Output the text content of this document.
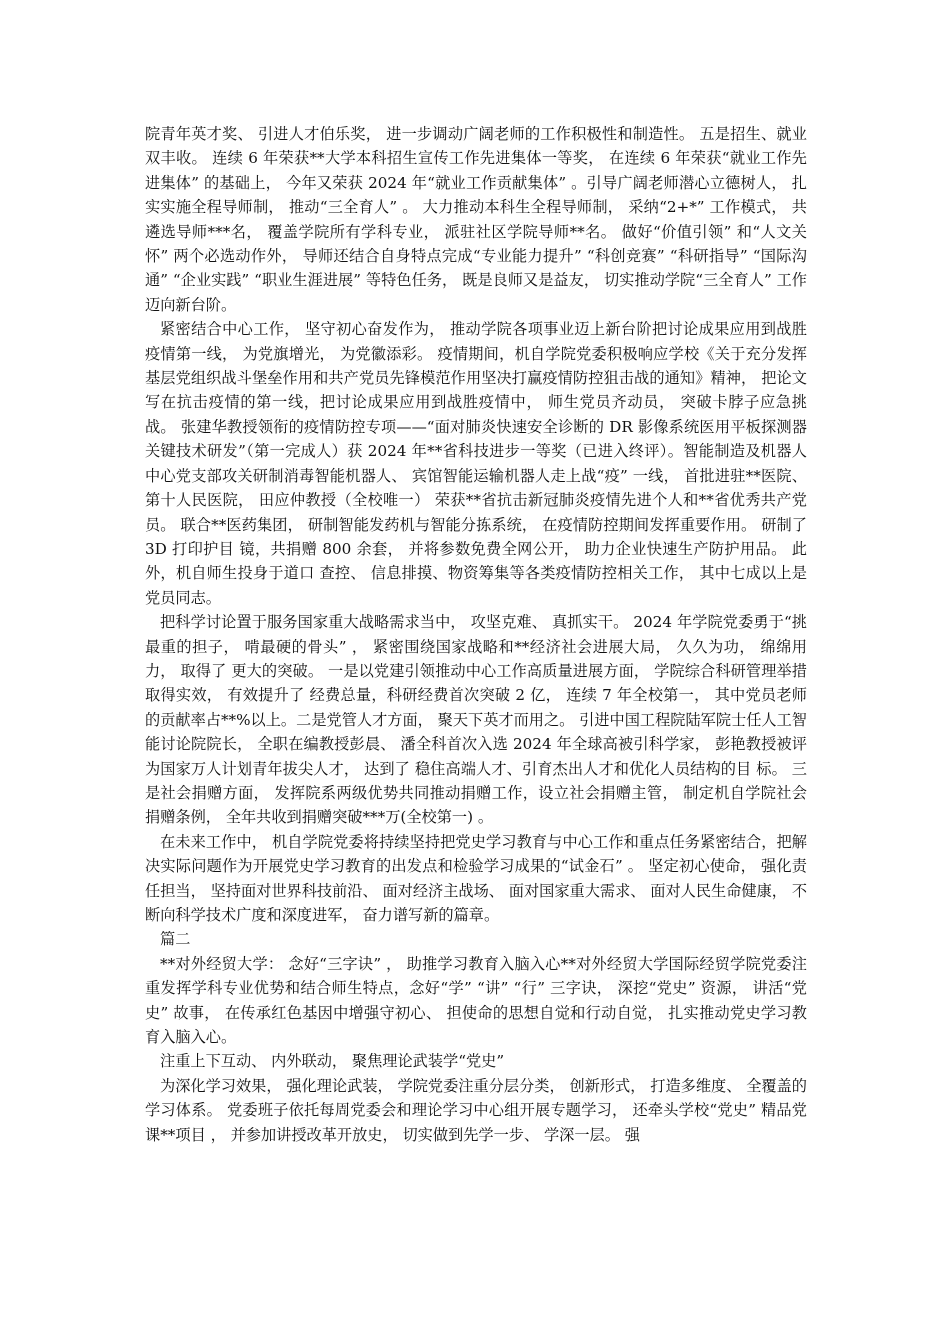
院青年英才奖、 引进人才伯乐奖， 进一步调动广阔老师的工作积极性和制造性。 五是招生、就业双丰收。 连续 6 年荣获**大学本科招生宣传工作先进集体一等奖， 在连续 6 年荣获“就业工作先进集体” 的基础上， 今年又荣获 2024 年“就业工作贡献集体” 。引导广阔老师潜心立德树人， 扎实实施全程导师制， 推动“三全育人” 。 大力推动本科生全程导师制， 采纳“2+*” 工作模式， 共遴选导师***名， 覆盖学院所有学科专业， 派驻社区学院导师**名。 做好“价值引领” 和“人文关怀” 两个必选动作外， 导师还结合自身特点完成“专业能力提升” “科创竞赛” “科研指导” “国际沟通” “企业实践” “职业生涯进展” 等特色任务， 既是良师又是益友， 切实推动学院“三全育人” 工作迈向新台阶。

紧密结合中心工作， 坚守初心奋发作为， 推动学院各项事业迈上新台阶把讨论成果应用到战胜疫情第一线， 为党旗增光， 为党徽添彩。 疫情期间，机自学院党委积极响应学校《关于充分发挥基层党组织战斗堡垒作用和共产党员先锋模范作用坚决打赢疫情防控狙击战的通知》精神， 把论文写在抗击疫情的第一线，把讨论成果应用到战胜疫情中， 师生党员齐动员， 突破卡脖子应急挑战。 张建华教授领衔的疫情防控专项——“面对肺炎快速安全诊断的 DR 影像系统医用平板探测器关键技术研发”（第一完成人）获 2024 年**省科技进步一等奖（已进入终评）。智能制造及机器人中心党支部攻关研制消毒智能机器人、 宾馆智能运输机器人走上战“疫” 一线， 首批进驻**医院、 第十人民医院， 田应仲教授（全校唯一） 荣获**省抗击新冠肺炎疫情先进个人和**省优秀共产党员。 联合**医药集团， 研制智能发药机与智能分拣系统， 在疫情防控期间发挥重要作用。 研制了 3D 打印护目 镜，共捐赠 800 余套， 并将参数免费全网公开， 助力企业快速生产防护用品。 此外，机自师生投身于道口 查控、 信息排摸、物资筹集等各类疫情防控相关工作， 其中七成以上是党员同志。

把科学讨论置于服务国家重大战略需求当中， 攻坚克难、 真抓实干。 2024 年学院党委勇于“挑最重的担子， 啃最硬的骨头” ， 紧密围绕国家战略和**经济社会进展大局， 久久为功， 绵绵用力， 取得了 更大的突破。 一是以党建引领推动中心工作高质量进展方面， 学院综合科研管理举措取得实效， 有效提升了 经费总量，科研经费首次突破 2 亿， 连续 7 年全校第一， 其中党员老师的贡献率占**%以上。二是党管人才方面， 聚天下英才而用之。 引进中国工程院陆军院士任人工智能讨论院院长， 全职在编教授彭晨、 潘全科首次入选 2024 年全球高被引科学家， 彭艳教授被评为国家万人计划青年拔尖人才， 达到了 稳住高端人才、引育杰出人才和优化人员结构的目 标。 三是社会捐赠方面， 发挥院系两级优势共同推动捐赠工作，设立社会捐赠主管， 制定机自学院社会捐赠条例， 全年共收到捐赠突破***万(全校第一) 。

在未来工作中， 机自学院党委将持续坚持把党史学习教育与中心工作和重点任务紧密结合，把解决实际问题作为开展党史学习教育的出发点和检验学习成果的“试金石” 。 坚定初心使命， 强化责任担当， 坚持面对世界科技前沿、 面对经济主战场、 面对国家重大需求、 面对人民生命健康， 不断向科学技术广度和深度进军， 奋力谱写新的篇章。

篇二

**对外经贸大学： 念好“三字诀” ， 助推学习教育入脑入心**对外经贸大学国际经贸学院党委注重发挥学科专业优势和结合师生特点，念好“学” “讲” “行” 三字诀， 深挖“党史” 资源， 讲活“党史” 故事， 在传承红色基因中增强守初心、 担使命的思想自觉和行动自觉， 扎实推动党史学习教育入脑入心。

注重上下互动、 内外联动， 聚焦理论武装学“党史”

为深化学习效果， 强化理论武装， 学院党委注重分层分类， 创新形式， 打造多维度、 全覆盖的学习体系。 党委班子依托每周党委会和理论学习中心组开展专题学习， 还牵头学校“党史” 精品党课**项目 ， 并参加讲授改革开放史， 切实做到先学一步、 学深一层。 强
